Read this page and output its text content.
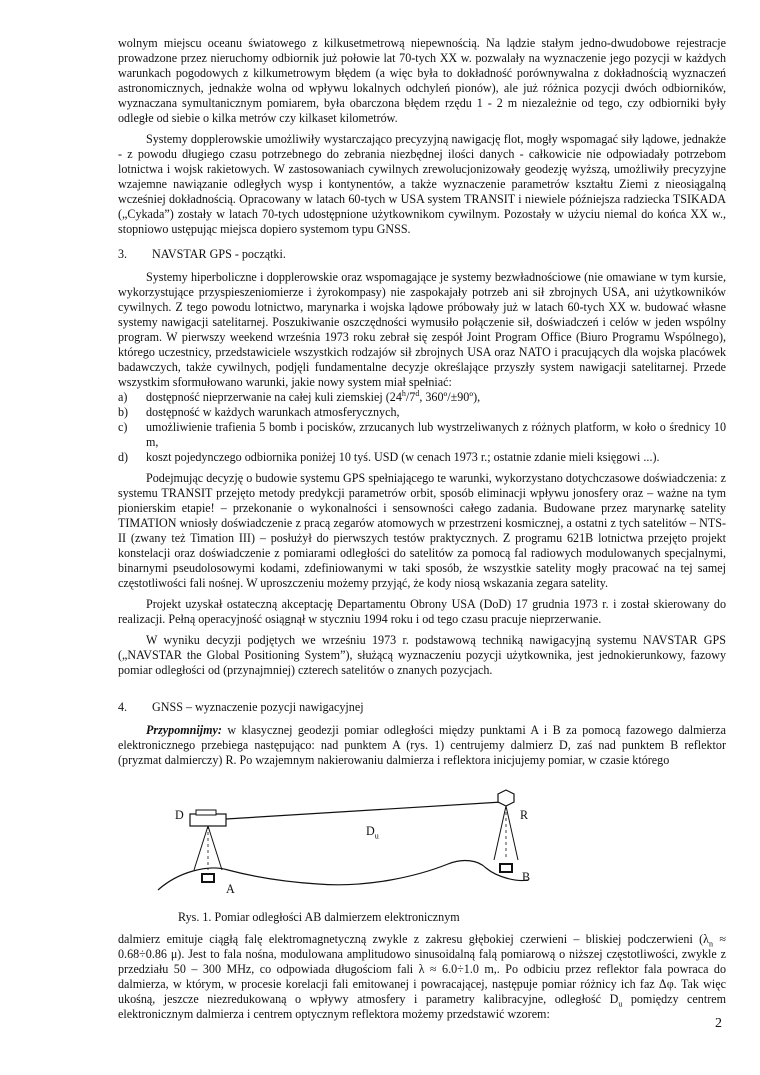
wolnym miejscu oceanu światowego z kilkusetmetrową niepewnością. Na lądzie stałym jedno-dwudobowe rejestracje prowadzone przez nieruchomy odbiornik już połowie lat 70-tych XX w. pozwalały na wyznaczenie jego pozycji w każdych warunkach pogodowych z kilkumetrowym błędem (a więc była to dokładność porównywalna z dokładnością wyznaczeń astronomicznych, jednakże wolna od wpływu lokalnych odchyleń pionów), ale już różnica pozycji dwóch odbiorników, wyznaczana symultanicznym pomiarem, była obarczona błędem rzędu 1 - 2 m niezależnie od tego, czy odbiorniki były odległe od siebie o kilka metrów czy kilkaset kilometrów.

Systemy dopplerowskie umożliwiły wystarczająco precyzyjną nawigację flot, mogły wspomagać siły lądowe, jednakże - z powodu długiego czasu potrzebnego do zebrania niezbędnej ilości danych - całkowicie nie odpowiadały potrzebom lotnictwa i wojsk rakietowych. W zastosowaniach cywilnych zrewolucjonizowały geodezję wyższą, umożliwiły precyzyjne wzajemne nawiązanie odległych wysp i kontynentów, a także wyznaczenie parametrów kształtu Ziemi z nieosiągalną wcześniej dokładnością. Opracowany w latach 60-tych w USA system TRANSIT i niewiele późniejsza radziecka TSIKADA („Cykada”) zostały w latach 70-tych udostępnione użytkownikom cywilnym. Pozostały w użyciu niemal do końca XX w., stopniowo ustępując miejsca dopiero systemom typu GNSS.

3.	NAVSTAR GPS - początki.

Systemy hiperboliczne i dopplerowskie oraz wspomagające je systemy bezwładnościowe (nie omawiane w tym kursie, wykorzystujące przyspieszeniomierze i żyrokompasy) nie zaspokajały potrzeb ani sił zbrojnych USA, ani użytkowników cywilnych. Z tego powodu lotnictwo, marynarka i wojska lądowe próbowały już w latach 60-tych XX w. budować własne systemy nawigacji satelitarnej. Poszukiwanie oszczędności wymusiło połączenie sił, doświadczeń i celów w jeden wspólny program. W pierwszy weekend września 1973 roku zebrał się zespół Joint Program Office (Biuro Programu Wspólnego), którego uczestnicy, przedstawiciele wszystkich rodzajów sił zbrojnych USA oraz NATO i pracujących dla wojska placówek badawczych, także cywilnych, podjęli fundamentalne decyzje określające przyszły system nawigacji satelitarnej. Przede wszystkim sformułowano warunki, jakie nowy system miał spełniać:

a)	dostępność nieprzerwanie na całej kuli ziemskiej (24$^h$/7$^d$, 360º/±90º),
b)	dostępność w każdych warunkach atmosferycznych,
c)	umożliwienie trafienia 5 bomb i pocisków, zrzucanych lub wystrzeliwanych z różnych platform, w koło o średnicy 10 m,
d)	koszt pojedynczego odbiornika poniżej 10 tyś. USD (w cenach 1973 r.; ostatnie zdanie mieli księgowi ...).

Podejmując decyzję o budowie systemu GPS spełniającego te warunki, wykorzystano dotychczasowe doświadczenia: z systemu TRANSIT przejęto metody predykcji parametrów orbit, sposób eliminacji wpływu jonosfery oraz – ważne na tym pionierskim etapie! – przekonanie o wykonalności i sensowności całego zadania. Budowane przez marynarkę satelity TIMATION wniosły doświadczenie z pracą zegarów atomowych w przestrzeni kosmicznej, a ostatni z tych satelitów – NTS-II (zwany też Timation III) – posłużył do pierwszych testów praktycznych. Z programu 621B lotnictwa przejęto projekt konstelacji oraz doświadczenie z pomiarami odległości do satelitów za pomocą fal radiowych modulowanych specjalnymi, binarnymi pseudolosowymi kodami, zdefiniowanymi w taki sposób, że wszystkie satelity mogły pracować na tej samej częstotliwości fali nośnej. W uproszczeniu możemy przyjąć, że kody niosą wskazania zegara satelity.

Projekt uzyskał ostateczną akceptację Departamentu Obrony USA (DoD) 17 grudnia 1973 r. i został skierowany do realizacji. Pełną operacyjność osiągnął w styczniu 1994 roku i od tego czasu pracuje nieprzerwanie.

W wyniku decyzji podjętych we wrześniu 1973 r. podstawową techniką nawigacyjną systemu NAVSTAR GPS („NAVSTAR the Global Positioning System”), służącą wyznaczeniu pozycji użytkownika, jest jednokierunkowy, fazowy pomiar odległości od (przynajmniej) czterech satelitów o znanych pozycjach.

4.	GNSS – wyznaczenie pozycji nawigacyjnej

Przypomnijmy: w klasycznej geodezji pomiar odległości między punktami A i B za pomocą fazowego dalmierza elektronicznego przebiega następująco: nad punktem A (rys. 1) centrujemy dalmierz D, zaś nad punktem B reflektor (pryzmat dalmierczy) R. Po wzajemnym nakierowaniu dalmierza i reflektora inicjujemy pomiar, w czasie którego

D	R
$D_u$
A
B
Rys. 1. Pomiar odległości AB dalmierzem elektronicznym

dalmierz emituje ciągłą falę elektromagnetyczną zwykle z zakresu głębokiej czerwieni – bliskiej podczerwieni ($\lambda_n \approx 0.68\div 0.86$ μ). Jest to fala nośna, modulowana amplitudowo sinusoidalną falą pomiarową o niższej częstotliwości, zwykle z przedziału 50 – 300 MHz, co odpowiada długościom fali λ ≈ 6.0÷1.0 m,. Po odbiciu przez reflektor fala powraca do dalmierza, w którym, w procesie korelacji fali emitowanej i powracającej, następuje pomiar różnicy ich faz Δφ. Tak więc ukośną, jeszcze niezredukowaną o wpływy atmosfery i parametry kalibracyjne, odległość $D_u$ pomiędzy centrem elektronicznym dalmierza i centrem optycznym reflektora możemy przedstawić wzorem:

2
